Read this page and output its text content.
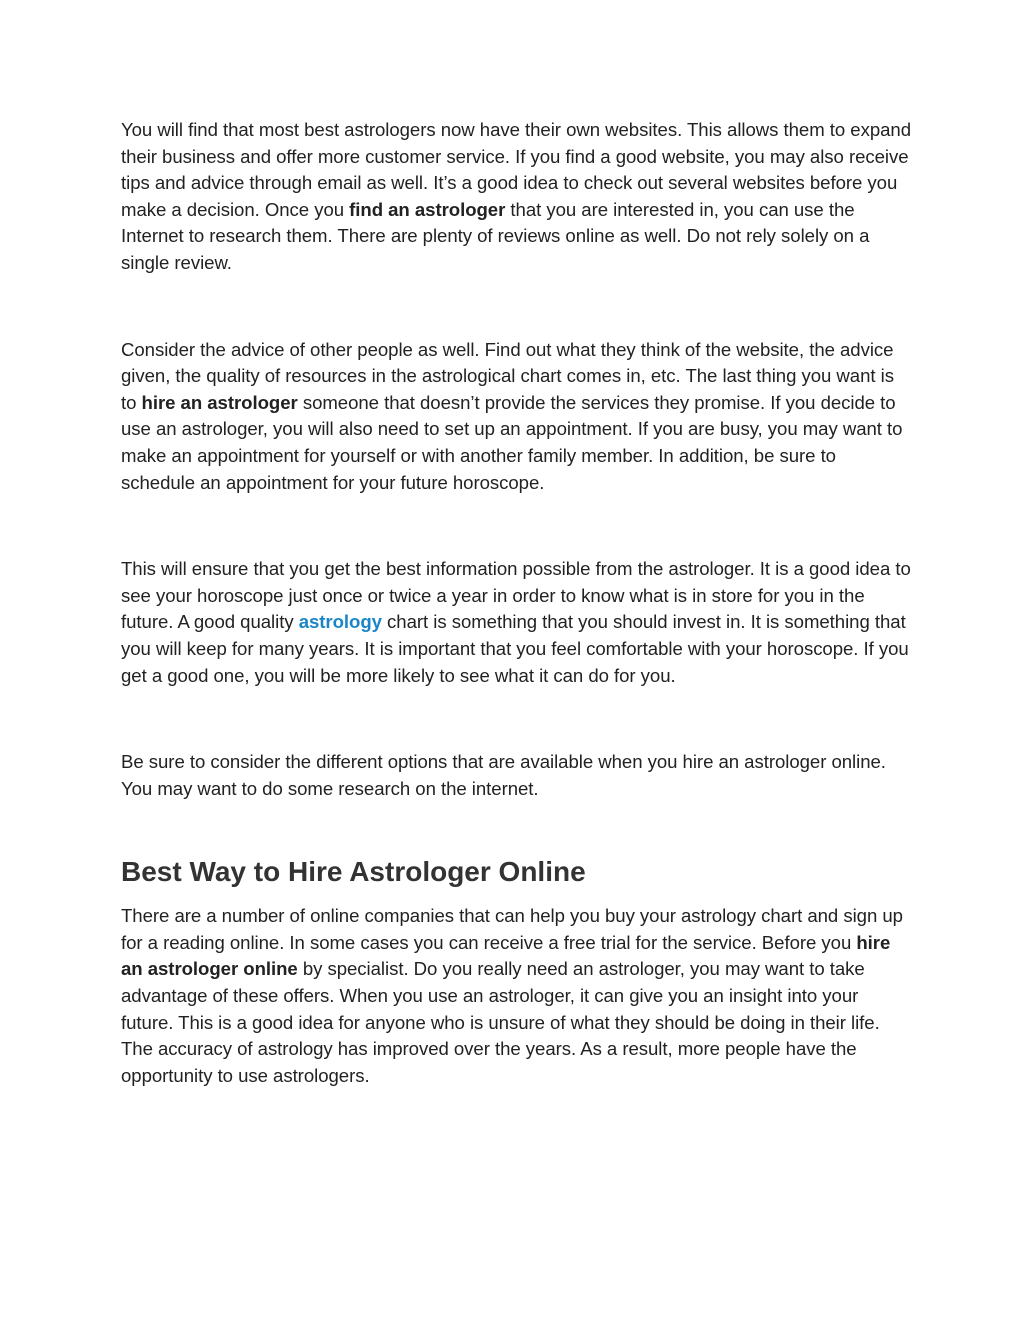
You will find that most best astrologers now have their own websites. This allows them to expand their business and offer more customer service. If you find a good website, you may also receive tips and advice through email as well. It’s a good idea to check out several websites before you make a decision. Once you find an astrologer that you are interested in, you can use the Internet to research them. There are plenty of reviews online as well. Do not rely solely on a single review.

Consider the advice of other people as well. Find out what they think of the website, the advice given, the quality of resources in the astrological chart comes in, etc. The last thing you want is to hire an astrologer someone that doesn’t provide the services they promise. If you decide to use an astrologer, you will also need to set up an appointment. If you are busy, you may want to make an appointment for yourself or with another family member. In addition, be sure to schedule an appointment for your future horoscope.

This will ensure that you get the best information possible from the astrologer. It is a good idea to see your horoscope just once or twice a year in order to know what is in store for you in the future. A good quality astrology chart is something that you should invest in. It is something that you will keep for many years. It is important that you feel comfortable with your horoscope. If you get a good one, you will be more likely to see what it can do for you.

Be sure to consider the different options that are available when you hire an astrologer online. You may want to do some research on the internet.

Best Way to Hire Astrologer Online

There are a number of online companies that can help you buy your astrology chart and sign up for a reading online. In some cases you can receive a free trial for the service. Before you hire an astrologer online by specialist. Do you really need an astrologer, you may want to take advantage of these offers. When you use an astrologer, it can give you an insight into your future. This is a good idea for anyone who is unsure of what they should be doing in their life. The accuracy of astrology has improved over the years. As a result, more people have the opportunity to use astrologers.
